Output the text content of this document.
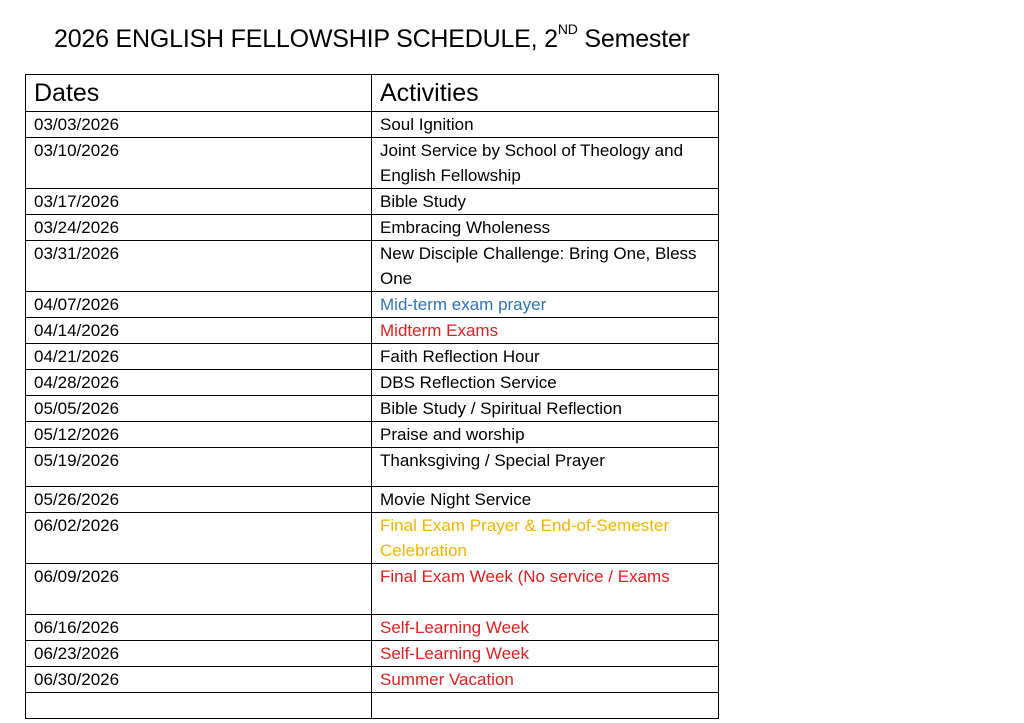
2026 ENGLISH FELLOWSHIP SCHEDULE, 2ND Semester
Dates	Activities
03/03/2026	Soul Ignition
03/10/2026	Joint Service by School of Theology and English Fellowship
03/17/2026	Bible Study
03/24/2026	Embracing Wholeness
03/31/2026	New Disciple Challenge: Bring One, Bless One
04/07/2026	Mid-term exam prayer
04/14/2026	Midterm Exams
04/21/2026	Faith Reflection Hour
04/28/2026	DBS Reflection Service
05/05/2026	Bible Study / Spiritual Reflection
05/12/2026	Praise and worship
05/19/2026	Thanksgiving / Special Prayer
05/26/2026	Movie Night Service
06/02/2026	Final Exam Prayer & End-of-Semester Celebration
06/09/2026	Final Exam Week (No service / Exams
06/16/2026	Self-Learning Week
06/23/2026	Self-Learning Week
06/30/2026	Summer Vacation
